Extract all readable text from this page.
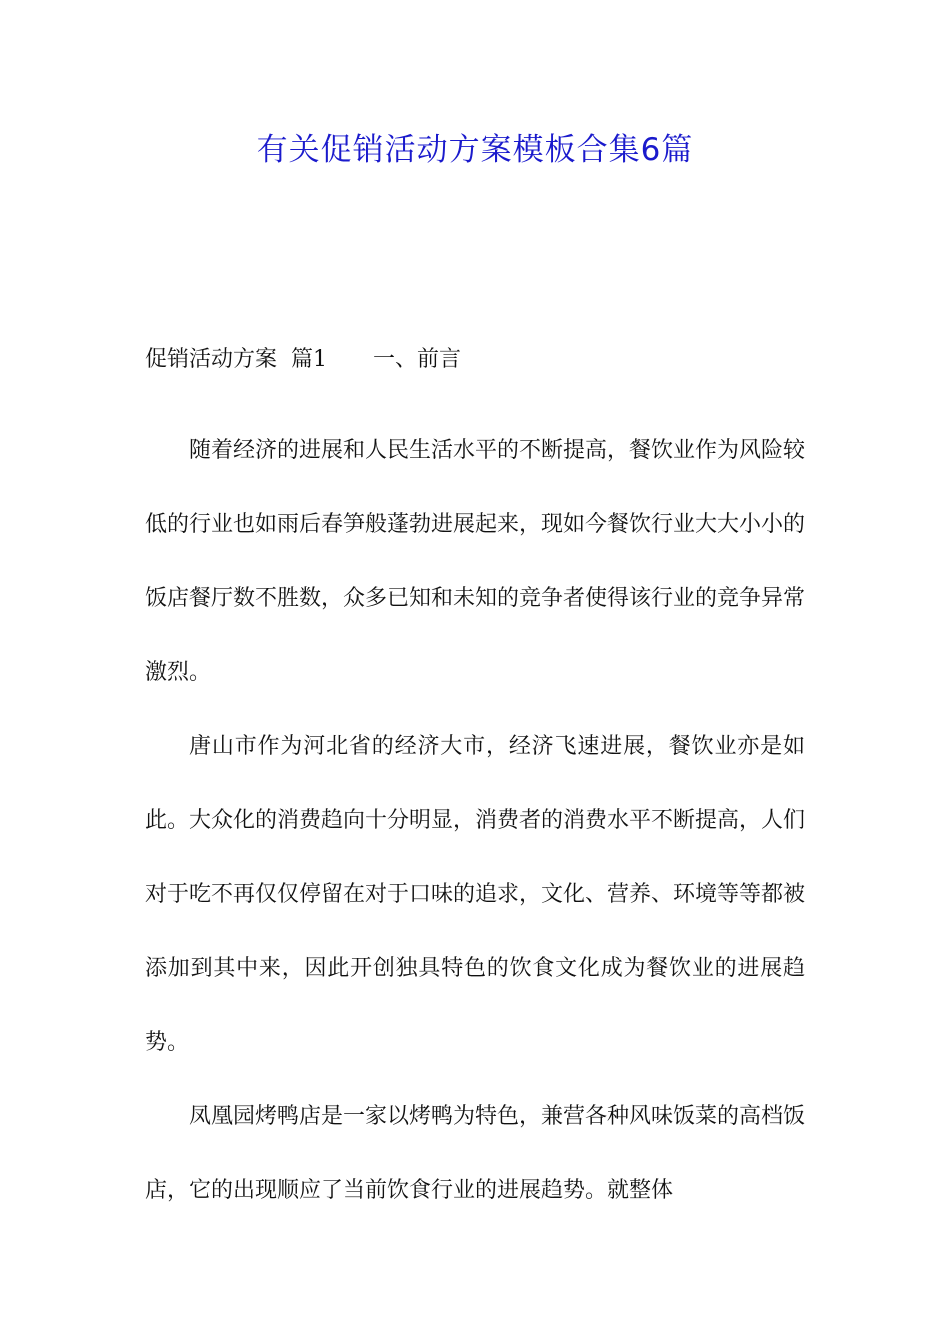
有关促销活动方案模板合集6篇
促销活动方案  篇1 一、前言

随着经济的进展和人民生活水平的不断提高，餐饮业作为风险较低的行业也如雨后春笋般蓬勃进展起来，现如今餐饮行业大大小小的饭店餐厅数不胜数，众多已知和未知的竞争者使得该行业的竞争异常激烈。

唐山市作为河北省的经济大市，经济飞速进展，餐饮业亦是如此。大众化的消费趋向十分明显，消费者的消费水平不断提高，人们对于吃不再仅仅停留在对于口味的追求，文化、营养、环境等等都被添加到其中来，因此开创独具特色的饮食文化成为餐饮业的进展趋势。

凤凰园烤鸭店是一家以烤鸭为特色，兼营各种风味饭菜的高档饭店，它的出现顺应了当前饮食行业的进展趋势。就整体
